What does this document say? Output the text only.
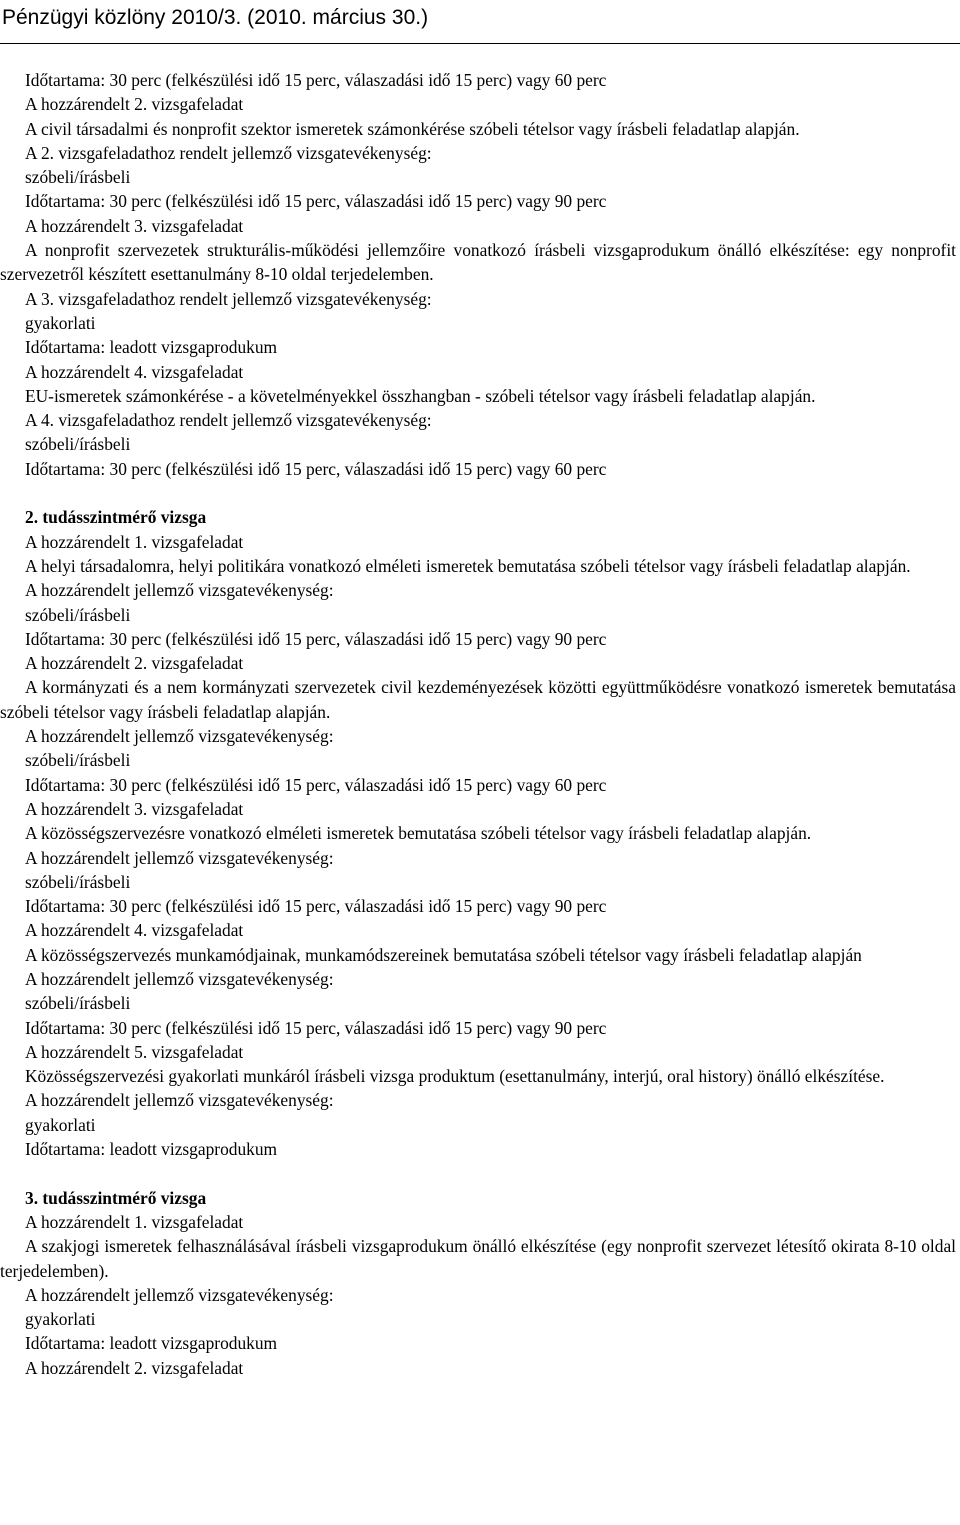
Pénzügyi közlöny 2010/3. (2010. március 30.)
Időtartama: 30 perc (felkészülési idő 15 perc, válaszadási idő 15 perc) vagy 60 perc
A hozzárendelt 2. vizsgafeladat
A civil társadalmi és nonprofit szektor ismeretek számonkérése szóbeli tételsor vagy írásbeli feladatlap alapján.
A 2. vizsgafeladathoz rendelt jellemző vizsgatevékenység:
szóbeli/írásbeli
Időtartama: 30 perc (felkészülési idő 15 perc, válaszadási idő 15 perc) vagy 90 perc
A hozzárendelt 3. vizsgafeladat
A nonprofit szervezetek strukturális-működési jellemzőire vonatkozó írásbeli vizsgaprodukum önálló elkészítése: egy nonprofit szervezetről készített esettanulmány 8-10 oldal terjedelemben.
A 3. vizsgafeladathoz rendelt jellemző vizsgatevékenység:
gyakorlati
Időtartama: leadott vizsgaprodukum
A hozzárendelt 4. vizsgafeladat
EU-ismeretek számonkérése - a követelményekkel összhangban - szóbeli tételsor vagy írásbeli feladatlap alapján.
A 4. vizsgafeladathoz rendelt jellemző vizsgatevékenység:
szóbeli/írásbeli
Időtartama: 30 perc (felkészülési idő 15 perc, válaszadási idő 15 perc) vagy 60 perc
2. tudásszintmérő vizsga
A hozzárendelt 1. vizsgafeladat
A helyi társadalomra, helyi politikára vonatkozó elméleti ismeretek bemutatása szóbeli tételsor vagy írásbeli feladatlap alapján.
A hozzárendelt jellemző vizsgatevékenység:
szóbeli/írásbeli
Időtartama: 30 perc (felkészülési idő 15 perc, válaszadási idő 15 perc) vagy 90 perc
A hozzárendelt 2. vizsgafeladat
A kormányzati és a nem kormányzati szervezetek civil kezdeményezések közötti együttműködésre vonatkozó ismeretek bemutatása szóbeli tételsor vagy írásbeli feladatlap alapján.
A hozzárendelt jellemző vizsgatevékenység:
szóbeli/írásbeli
Időtartama: 30 perc (felkészülési idő 15 perc, válaszadási idő 15 perc) vagy 60 perc
A hozzárendelt 3. vizsgafeladat
A közösségszervezésre vonatkozó elméleti ismeretek bemutatása szóbeli tételsor vagy írásbeli feladatlap alapján.
A hozzárendelt jellemző vizsgatevékenység:
szóbeli/írásbeli
Időtartama: 30 perc (felkészülési idő 15 perc, válaszadási idő 15 perc) vagy 90 perc
A hozzárendelt 4. vizsgafeladat
A közösségszervezés munkamódjainak, munkamódszereinek bemutatása szóbeli tételsor vagy írásbeli feladatlap alapján
A hozzárendelt jellemző vizsgatevékenység:
szóbeli/írásbeli
Időtartama: 30 perc (felkészülési idő 15 perc, válaszadási idő 15 perc) vagy 90 perc
A hozzárendelt 5. vizsgafeladat
Közösségszervezési gyakorlati munkáról írásbeli vizsga produktum (esettanulmány, interjú, oral history) önálló elkészítése.
A hozzárendelt jellemző vizsgatevékenység:
gyakorlati
Időtartama: leadott vizsgaprodukum
3. tudásszintmérő vizsga
A hozzárendelt 1. vizsgafeladat
A szakjogi ismeretek felhasználásával írásbeli vizsgaprodukum önálló elkészítése (egy nonprofit szervezet létesítő okirata 8-10 oldal terjedelemben).
A hozzárendelt jellemző vizsgatevékenység:
gyakorlati
Időtartama: leadott vizsgaprodukum
A hozzárendelt 2. vizsgafeladat
